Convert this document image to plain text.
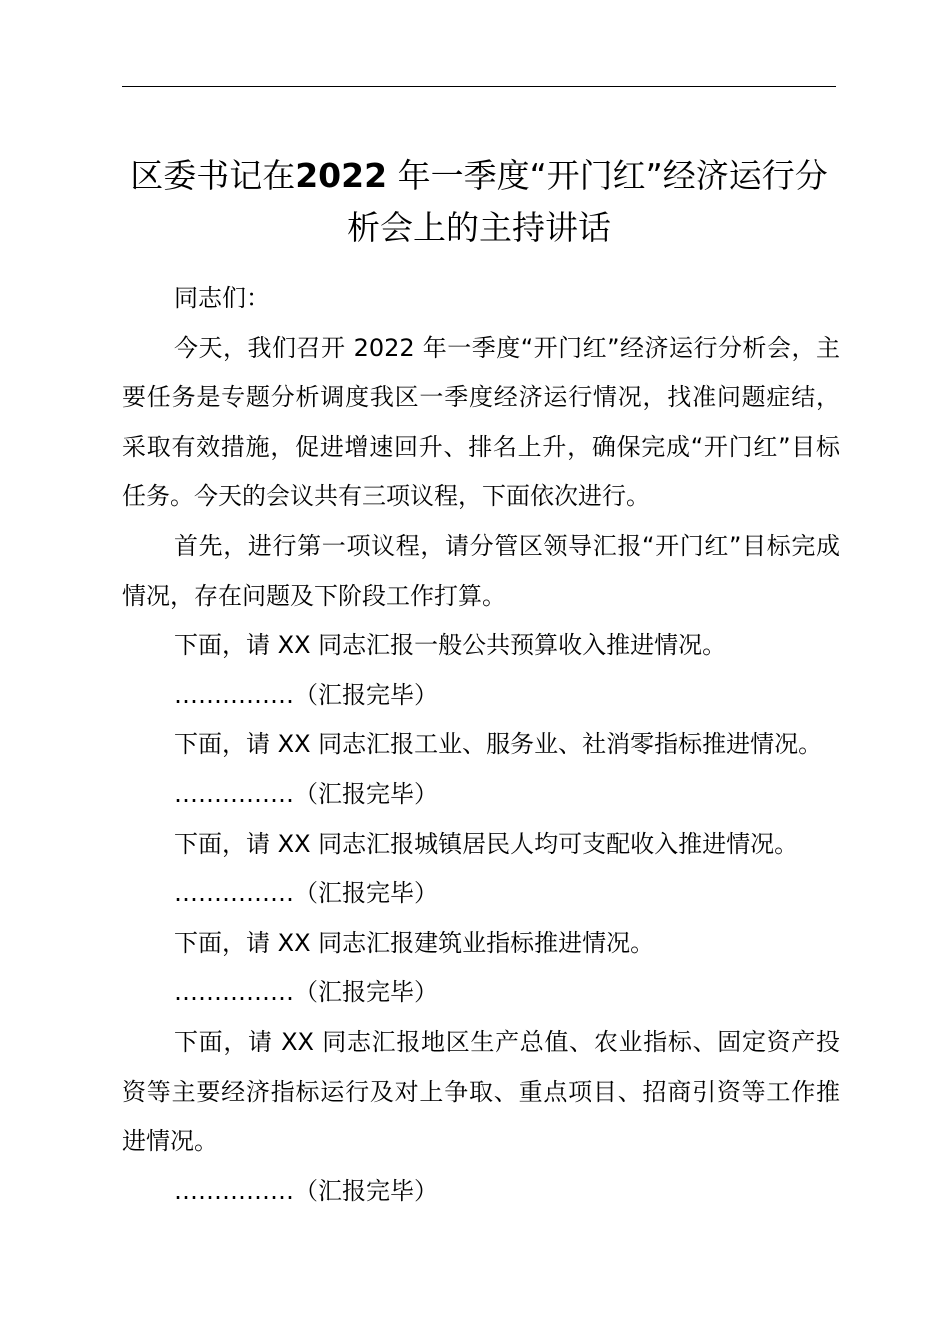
区委书记在2022 年一季度“开门红”经济运行分析会上的主持讲话

同志们：

今天，我们召开 2022 年一季度“开门红”经济运行分析会，主要任务是专题分析调度我区一季度经济运行情况，找准问题症结，采取有效措施，促进增速回升、排名上升，确保完成“开门红”目标任务。今天的会议共有三项议程，下面依次进行。

首先，进行第一项议程，请分管区领导汇报“开门红”目标完成情况，存在问题及下阶段工作打算。

下面，请 XX 同志汇报一般公共预算收入推进情况。

……………（汇报完毕）

下面，请 XX 同志汇报工业、服务业、社消零指标推进情况。

……………（汇报完毕）

下面，请 XX 同志汇报城镇居民人均可支配收入推进情况。

……………（汇报完毕）

下面，请 XX 同志汇报建筑业指标推进情况。

……………（汇报完毕）

下面，请 XX 同志汇报地区生产总值、农业指标、固定资产投资等主要经济指标运行及对上争取、重点项目、招商引资等工作推进情况。

……………（汇报完毕）
